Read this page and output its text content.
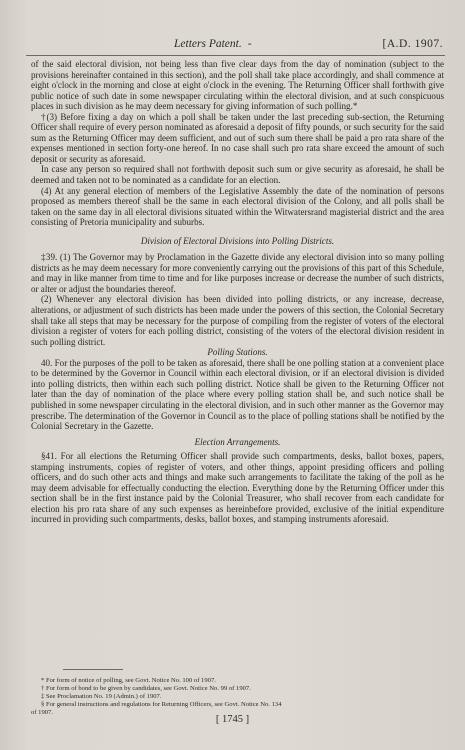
Letters Patent. -	[A.D. 1907.

of the said electoral division, not being less than five clear days from the day of nomination (subject to the provisions hereinafter contained in this section), and the poll shall take place accordingly, and shall commence at eight o'clock in the morning and close at eight o'clock in the evening. The Returning Officer shall forthwith give public notice of such date in some newspaper circulating within the electoral division, and at such conspicuous places in such division as he may deem necessary for giving information of such polling.*

†(3) Before fixing a day on which a poll shall be taken under the last preceding sub-section, the Returning Officer shall require of every person nominated as aforesaid a deposit of fifty pounds, or such security for the said sum as the Returning Officer may deem sufficient, and out of such sum there shall be paid a pro rata share of the expenses mentioned in section forty-one hereof. In no case shall such pro rata share exceed the amount of such deposit or security as aforesaid.

In case any person so required shall not forthwith deposit such sum or give security as aforesaid, he shall be deemed and taken not to be nominated as a candidate for an election.

(4) At any general election of members of the Legislative Assembly the date of the nomination of persons proposed as members thereof shall be the same in each electoral division of the Colony, and all polls shall be taken on the same day in all electoral divisions situated within the Witwatersrand magisterial district and the area consisting of Pretoria municipality and suburbs.

Division of Electoral Divisions into Polling Districts.

‡39. (1) The Governor may by Proclamation in the Gazette divide any electoral division into so many polling districts as he may deem necessary for more conveniently carrying out the provisions of this part of this Schedule, and may in like manner from time to time and for like purposes increase or decrease the number of such districts, or alter or adjust the boundaries thereof.

(2) Whenever any electoral division has been divided into polling districts, or any increase, decrease, alterations, or adjustment of such districts has been made under the powers of this section, the Colonial Secretary shall take all steps that may be necessary for the purpose of compiling from the register of voters of the electoral division a register of voters for each polling district, consisting of the voters of the electoral division resident in such polling district.

Polling Stations.

40. For the purposes of the poll to be taken as aforesaid, there shall be one polling station at a convenient place to be determined by the Governor in Council within each electoral division, or if an electoral division is divided into polling districts, then within each such polling district. Notice shall be given to the Returning Officer not later than the day of nomination of the place where every polling station shall be, and such notice shall be published in some newspaper circulating in the electoral division, and in such other manner as the Governor may prescribe. The determination of the Governor in Council as to the place of polling stations shall be notified by the Colonial Secretary in the Gazette.

Election Arrangements.

§41. For all elections the Returning Officer shall provide such compartments, desks, ballot boxes, papers, stamping instruments, copies of register of voters, and other things, appoint presiding officers and polling officers, and do such other acts and things and make such arrangements to facilitate the taking of the poll as he may deem advisable for effectually conducting the election. Everything done by the Returning Officer under this section shall be in the first instance paid by the Colonial Treasurer, who shall recover from each candidate for election his pro rata share of any such expenses as hereinbefore provided, exclusive of the initial expenditure incurred in providing such compartments, desks, ballot boxes, and stamping instruments aforesaid.

* For form of notice of polling, see Govt. Notice No. 100 of 1907.

† For form of bond to be given by candidates, see Govt. Notice No. 99 of 1907.

‡ See Proclamation No. 19 (Admin.) of 1907.

§ For general instructions and regulations for Returning Officers, see Govt. Notice No. 134

of 1907.

[ 1745 ]
